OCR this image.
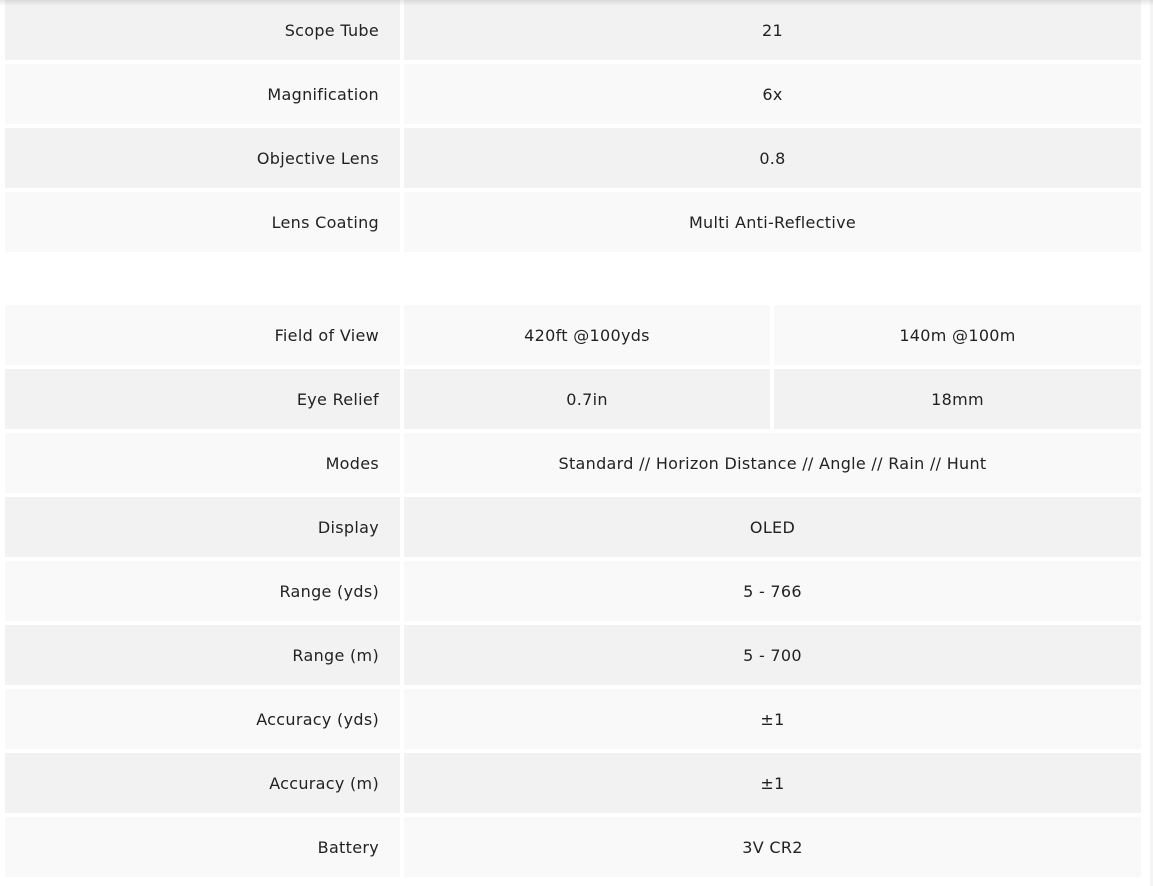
Scope Tube	21
Magnification	6x
Objective Lens	0.8
Lens Coating	Multi Anti-Reflective
Field of View	420ft @100yds	140m @100m
Eye Relief	0.7in	18mm
Modes	Standard // Horizon Distance // Angle // Rain // Hunt
Display	OLED
Range (yds)	5 - 766
Range (m)	5 - 700
Accuracy (yds)	±1
Accuracy (m)	±1
Battery	3V CR2
